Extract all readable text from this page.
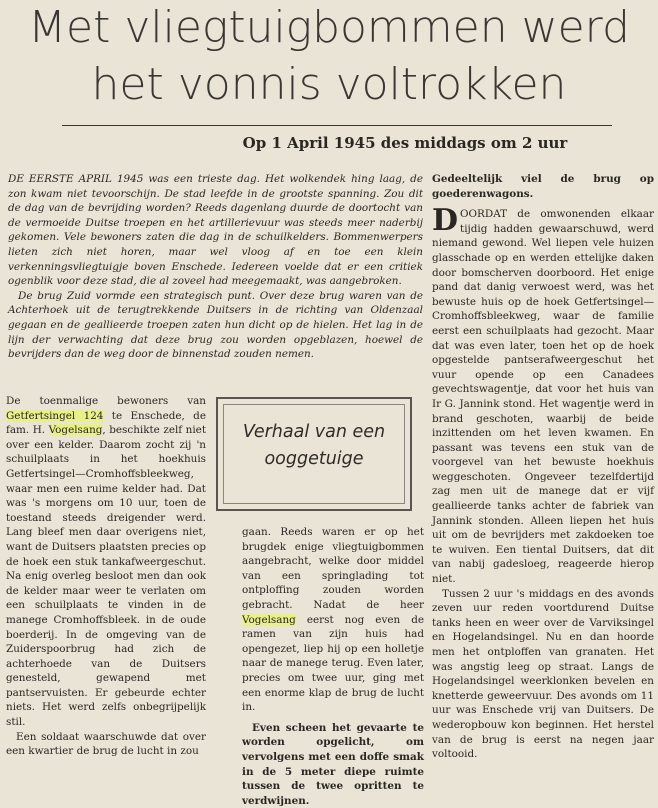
Met vliegtuigbommen werd
het vonnis voltrokken
Op 1 April 1945 des middags om 2 uur

DE EERSTE APRIL 1945 was een trieste dag. Het wolkendek hing laag, de zon kwam niet tevoorschijn. De stad leefde in de grootste spanning. Zou dit de dag van de bevrijding worden? Reeds dagenlang duurde de doortocht van de vermoeide Duitse troepen en het artillerievuur was steeds meer naderbij gekomen. Vele bewoners zaten die dag in de schuilkelders. Bommenwerpers lieten zich niet horen, maar wel vloog af en toe een klein verkenningsvliegtuigje boven Enschede. Iedereen voelde dat er een critiek ogenblik voor deze stad, die al zoveel had meegemaakt, was aangebroken.

De brug Zuid vormde een strategisch punt. Over deze brug waren van de Achterhoek uit de terugtrekkende Duitsers in de richting van Oldenzaal gegaan en de geallieerde troepen zaten hun dicht op de hielen. Het lag in de lijn der verwachting dat deze brug zou worden opgeblazen, hoewel de bevrijders dan de weg door de binnenstad zouden nemen.

Verhaal van een ooggetuige

De toenmalige bewoners van Getfertsingel 124 te Enschede, de fam. H. Vogelsang, beschikte zelf niet over een kelder. Daarom zocht zij 'n schuilplaats in het hoekhuis Getfertsingel—Cromhoffsbleekweg, waar men een ruime kelder had. Dat was 's morgens om 10 uur, toen de toestand steeds dreigender werd. Lang bleef men daar overigens niet, want de Duitsers plaatsten precies op de hoek een stuk tankafweergeschut. Na enig overleg besloot men dan ook de kelder maar weer te verlaten om een schuilplaats te vinden in de manege Cromhoffsbleek. in de oude boerderij. In de omgeving van de Zuiderspoorbrug had zich de achterhoede van de Duitsers genesteld, gewapend met pantservuisten. Er gebeurde echter niets. Het werd zelfs onbegrijpelijk stil.

Een soldaat waarschuwde dat over een kwartier de brug de lucht in zou

gaan. Reeds waren er op het brugdek enige vliegtuigbommen aangebracht, welke door middel van een springlading tot ontploffing zouden worden gebracht. Nadat de heer Vogelsang eerst nog even de ramen van zijn huis had opengezet, liep hij op een holletje naar de manege terug. Even later, precies om twee uur, ging met een enorme klap de brug de lucht in.

Even scheen het gevaarte te worden opgelicht, om vervolgens met een doffe smak in de 5 meter diepe ruimte tussen de twee opritten te verdwijnen.

Gedeeltelijk viel de brug op goederenwagons.

DOORDAT de omwonenden elkaar tijdig hadden gewaarschuwd, werd niemand gewond. Wel liepen vele huizen glasschade op en werden ettelijke daken door bomscherven doorboord. Het enige pand dat danig verwoest werd, was het bewuste huis op de hoek Getfertsingel—Cromhoffsbleekweg, waar de familie eerst een schuilplaats had gezocht. Maar dat was even later, toen het op de hoek opgestelde pantserafweergeschut het vuur opende op een Canadees gevechtswagentje, dat voor het huis van Ir G. Jannink stond. Het wagentje werd in brand geschoten, waarbij de beide inzittenden om het leven kwamen. En passant was tevens een stuk van de voorgevel van het bewuste hoekhuis weggeschoten. Ongeveer tezelfdertijd zag men uit de manege dat er vijf geallieerde tanks achter de fabriek van Jannink stonden. Alleen liepen het huis uit om de bevrijders met zakdoeken toe te wuiven. Een tiental Duitsers, dat dit van nabij gadesloeg, reageerde hierop niet.

Tussen 2 uur 's middags en des avonds zeven uur reden voortdurend Duitse tanks heen en weer over de Varviksingel en Hogelandsingel. Nu en dan hoorde men het ontploffen van granaten. Het was angstig leeg op straat. Langs de Hogelandsingel weerklonken bevelen en knetterde geweervuur. Des avonds om 11 uur was Enschede vrij van Duitsers. De wederopbouw kon beginnen. Het herstel van de brug is eerst na negen jaar voltooid.
